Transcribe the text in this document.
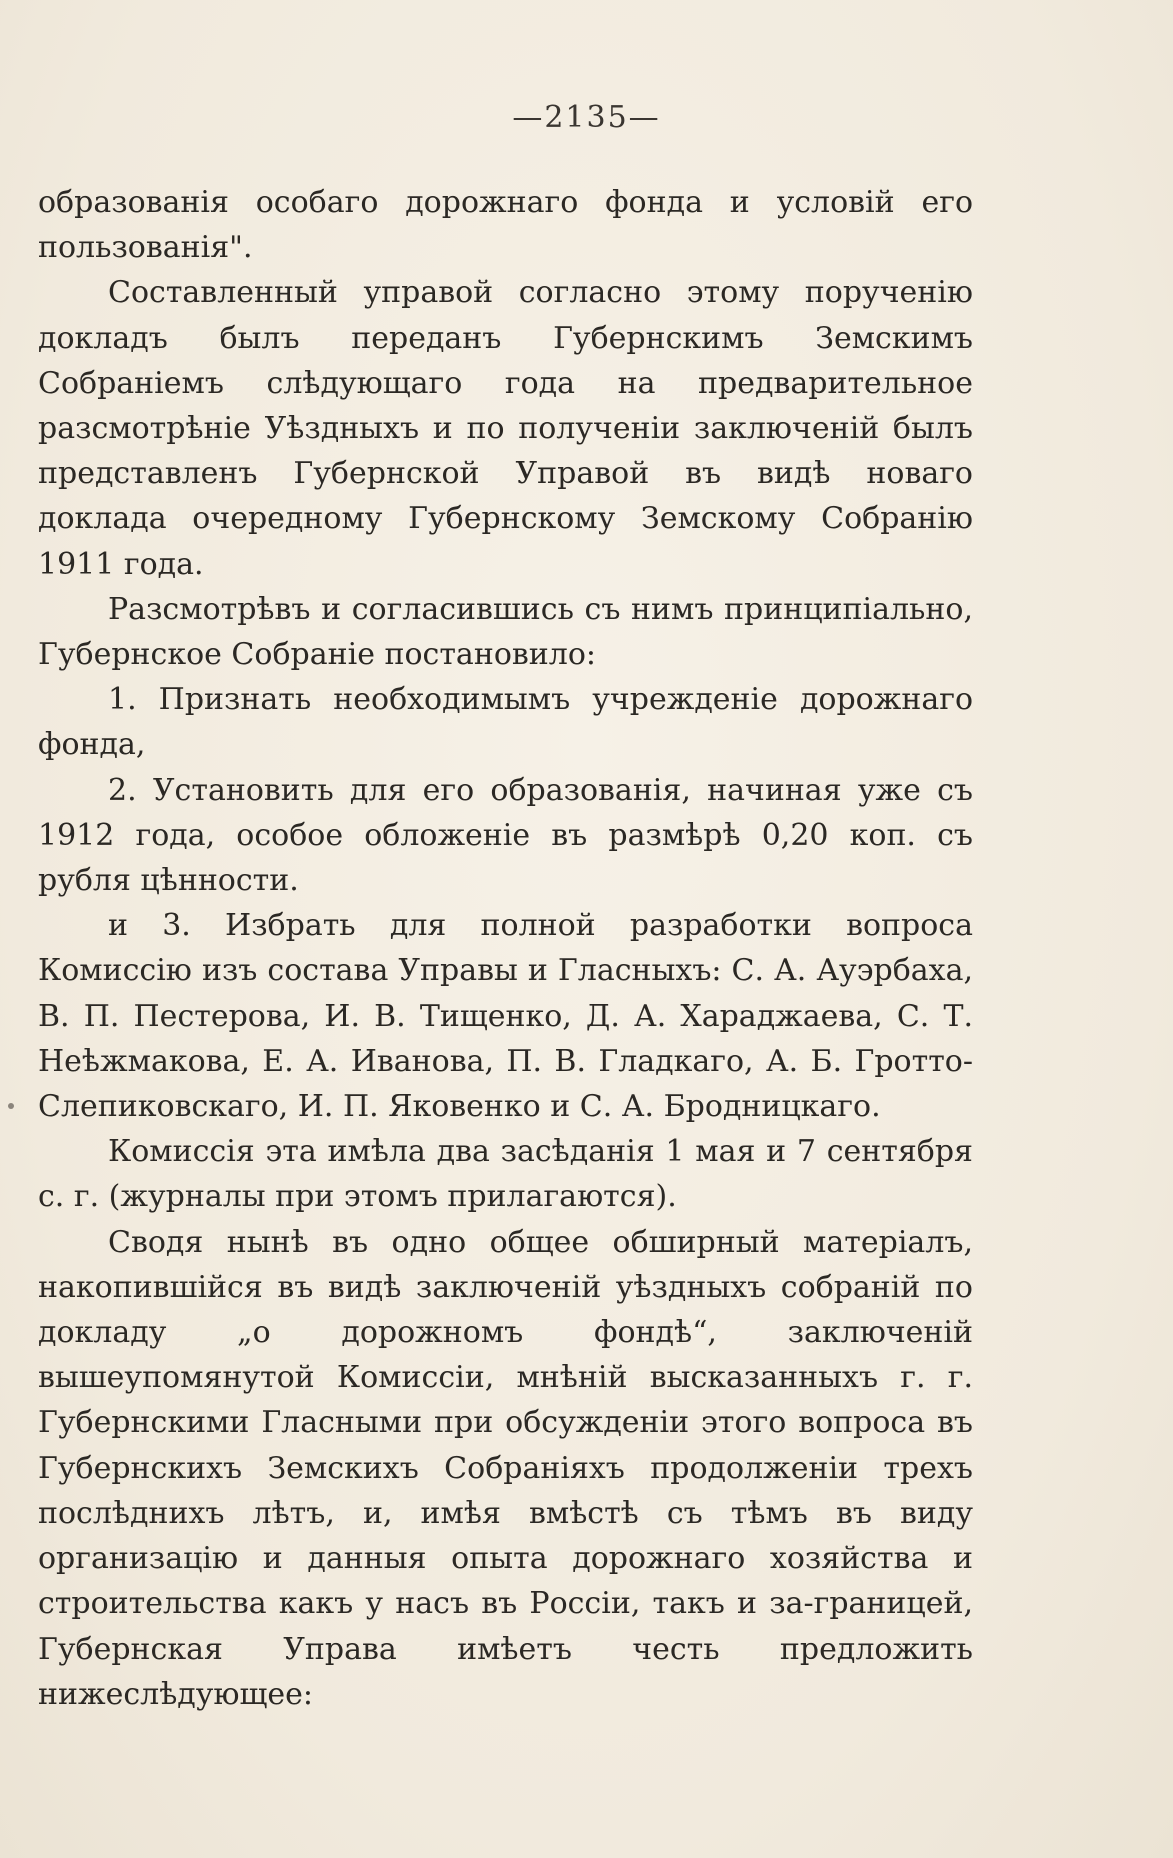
—2135—

образованія особаго дорожнаго фонда и условій его пользованія".

Составленный управой согласно этому порученію докладъ былъ переданъ Губернскимъ Земскимъ Собраніемъ слѣдующаго года на предварительное разсмотрѣніе Уѣздныхъ и по полученіи заключеній былъ представленъ Губернской Управой въ видѣ новаго доклада очередному Губернскому Земскому Собранію 1911 года.

Разсмотрѣвъ и согласившись съ нимъ принципіально, Губернское Собраніе постановило:

1. Признать необходимымъ учрежденіе дорожнаго фонда,

2. Установить для его образованія, начиная уже съ 1912 года, особое обложеніе въ размѣрѣ 0,20 коп. съ рубля цѣнности.

и 3. Избрать для полной разработки вопроса Комиссію изъ состава Управы и Гласныхъ: С. А. Ауэрбаха, В. П. Пестерова, И. В. Тищенко, Д. А. Хараджаева, С. Т. Неѣжмакова, Е. А. Иванова, П. В. Гладкаго, А. Б. Гротто-Слепиковскаго, И. П. Яковенко и С. А. Бродницкаго.

Комиссія эта имѣла два засѣданія 1 мая и 7 сентября с. г. (журналы при этомъ прилагаются).

Сводя нынѣ въ одно общее обширный матеріалъ, накопившійся въ видѣ заключеній уѣздныхъ собраній по докладу „о дорожномъ фондѣ“, заключеній вышеупомянутой Комиссіи, мнѣній высказанныхъ г. г. Губернскими Гласными при обсужденіи этого вопроса въ Губернскихъ Земскихъ Собраніяхъ продолженіи трехъ послѣднихъ лѣтъ, и, имѣя вмѣстѣ съ тѣмъ въ виду организацію и данныя опыта дорожнаго хозяйства и строительства какъ у насъ въ Россіи, такъ и за-границей, Губернская Управа имѣетъ честь предложить нижеслѣдующее:
